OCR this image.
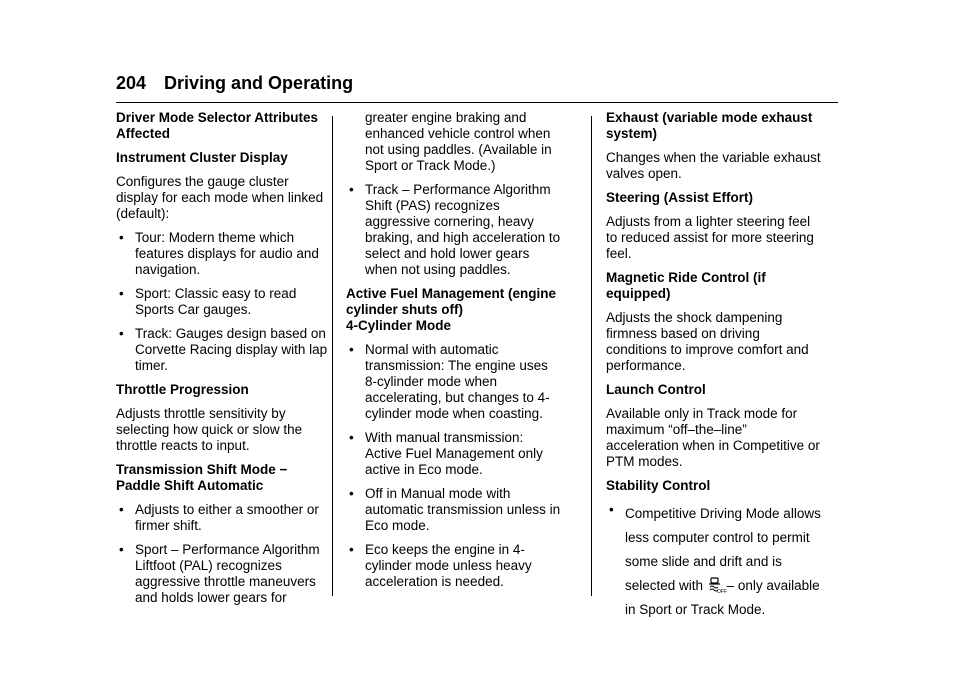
204 Driving and Operating
Driver Mode Selector Attributes Affected
Instrument Cluster Display
Configures the gauge cluster display for each mode when linked (default):
• Tour: Modern theme which features displays for audio and navigation.
• Sport: Classic easy to read Sports Car gauges.
• Track: Gauges design based on Corvette Racing display with lap timer.
Throttle Progression
Adjusts throttle sensitivity by selecting how quick or slow the throttle reacts to input.
Transmission Shift Mode − Paddle Shift Automatic
• Adjusts to either a smoother or firmer shift.
• Sport – Performance Algorithm Liftfoot (PAL) recognizes aggressive throttle maneuvers and holds lower gears for
greater engine braking and enhanced vehicle control when not using paddles. (Available in Sport or Track Mode.)
• Track – Performance Algorithm Shift (PAS) recognizes aggressive cornering, heavy braking, and high acceleration to select and hold lower gears when not using paddles.
Active Fuel Management (engine cylinder shuts off)
4-Cylinder Mode
• Normal with automatic transmission: The engine uses 8-cylinder mode when accelerating, but changes to 4-cylinder mode when coasting.
• With manual transmission: Active Fuel Management only active in Eco mode.
• Off in Manual mode with automatic transmission unless in Eco mode.
• Eco keeps the engine in 4-cylinder mode unless heavy acceleration is needed.
Exhaust (variable mode exhaust system)
Changes when the variable exhaust valves open.
Steering (Assist Effort)
Adjusts from a lighter steering feel to reduced assist for more steering feel.
Magnetic Ride Control (if equipped)
Adjusts the shock dampening firmness based on driving conditions to improve comfort and performance.
Launch Control
Available only in Track mode for maximum “off–the–line” acceleration when in Competitive or PTM modes.
Stability Control
• Competitive Driving Mode allows less computer control to permit some slide and drift and is selected with	OFF – only available in Sport or Track Mode.
